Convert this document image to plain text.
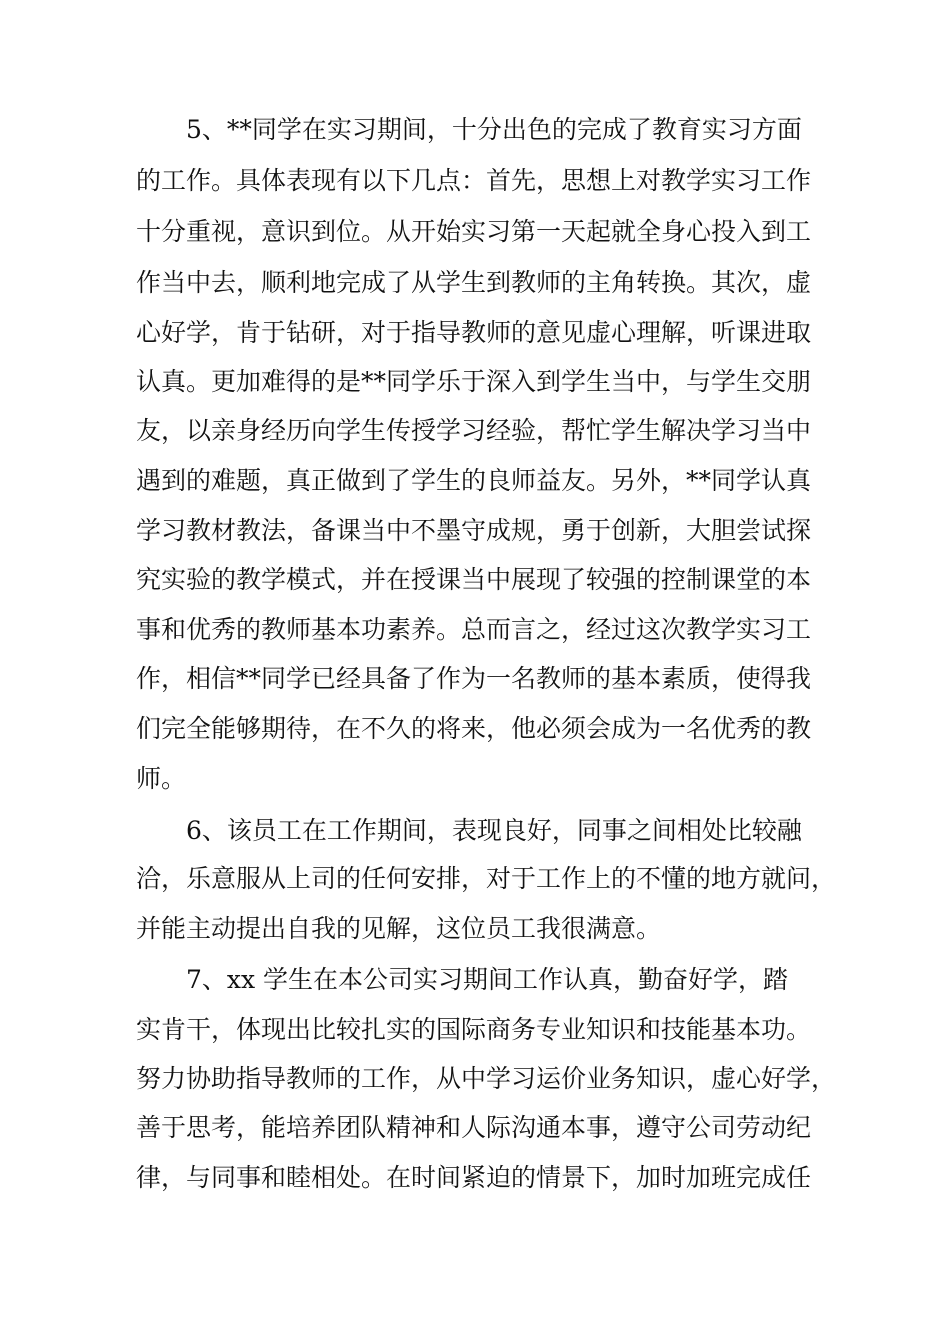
5、**同学在实习期间，十分出色的完成了教育实习方面
的工作。具体表现有以下几点：首先，思想上对教学实习工作
十分重视，意识到位。从开始实习第一天起就全身心投入到工
作当中去，顺利地完成了从学生到教师的主角转换。其次，虚
心好学，肯于钻研，对于指导教师的意见虚心理解，听课进取
认真。更加难得的是**同学乐于深入到学生当中，与学生交朋
友，以亲身经历向学生传授学习经验，帮忙学生解决学习当中
遇到的难题，真正做到了学生的良师益友。另外，**同学认真
学习教材教法，备课当中不墨守成规，勇于创新，大胆尝试探
究实验的教学模式，并在授课当中展现了较强的控制课堂的本
事和优秀的教师基本功素养。总而言之，经过这次教学实习工
作，相信**同学已经具备了作为一名教师的基本素质，使得我
们完全能够期待，在不久的将来，他必须会成为一名优秀的教
师。
6、该员工在工作期间，表现良好，同事之间相处比较融
洽，乐意服从上司的任何安排，对于工作上的不懂的地方就问，
并能主动提出自我的见解，这位员工我很满意。
7、xx 学生在本公司实习期间工作认真，勤奋好学，踏
实肯干，体现出比较扎实的国际商务专业知识和技能基本功。
努力协助指导教师的工作，从中学习运价业务知识，虚心好学，
善于思考，能培养团队精神和人际沟通本事，遵守公司劳动纪
律，与同事和睦相处。在时间紧迫的情景下，加时加班完成任
